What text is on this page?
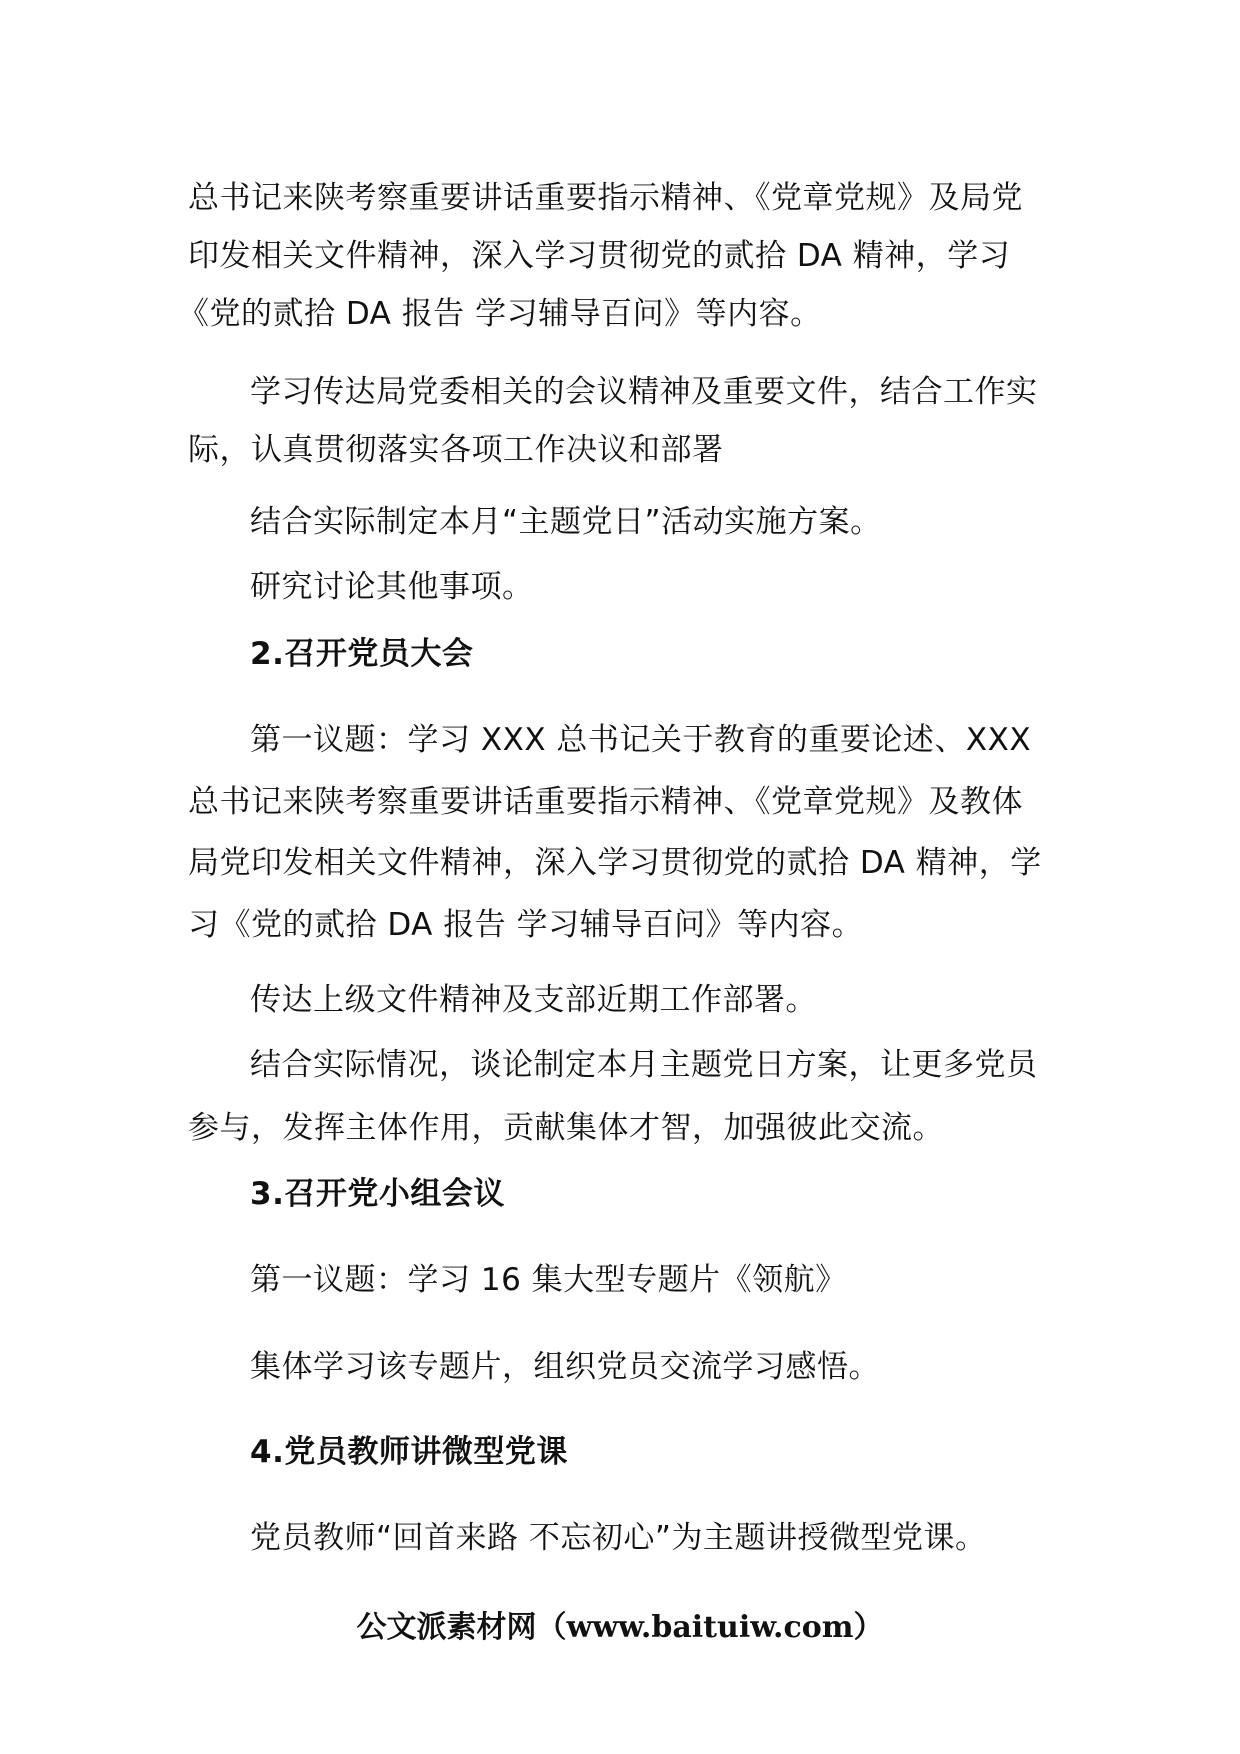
总书记来陕考察重要讲话重要指示精神、《党章党规》及局党
印发相关文件精神，深入学习贯彻党的贰拾 DA 精神，学习
《党的贰拾 DA 报告 学习辅导百问》等内容。
学习传达局党委相关的会议精神及重要文件，结合工作实
际，认真贯彻落实各项工作决议和部署
结合实际制定本月“主题党日”活动实施方案。
研究讨论其他事项。
2.召开党员大会
第一议题：学习 XXX 总书记关于教育的重要论述、XXX
总书记来陕考察重要讲话重要指示精神、《党章党规》及教体
局党印发相关文件精神，深入学习贯彻党的贰拾 DA 精神，学
习《党的贰拾 DA 报告 学习辅导百问》等内容。
传达上级文件精神及支部近期工作部署。
结合实际情况，谈论制定本月主题党日方案，让更多党员
参与，发挥主体作用，贡献集体才智，加强彼此交流。
3.召开党小组会议
第一议题：学习 16 集大型专题片《领航》
集体学习该专题片，组织党员交流学习感悟。
4.党员教师讲微型党课
党员教师“回首来路 不忘初心”为主题讲授微型党课。
公文派素材网（www.baituiw.com）
